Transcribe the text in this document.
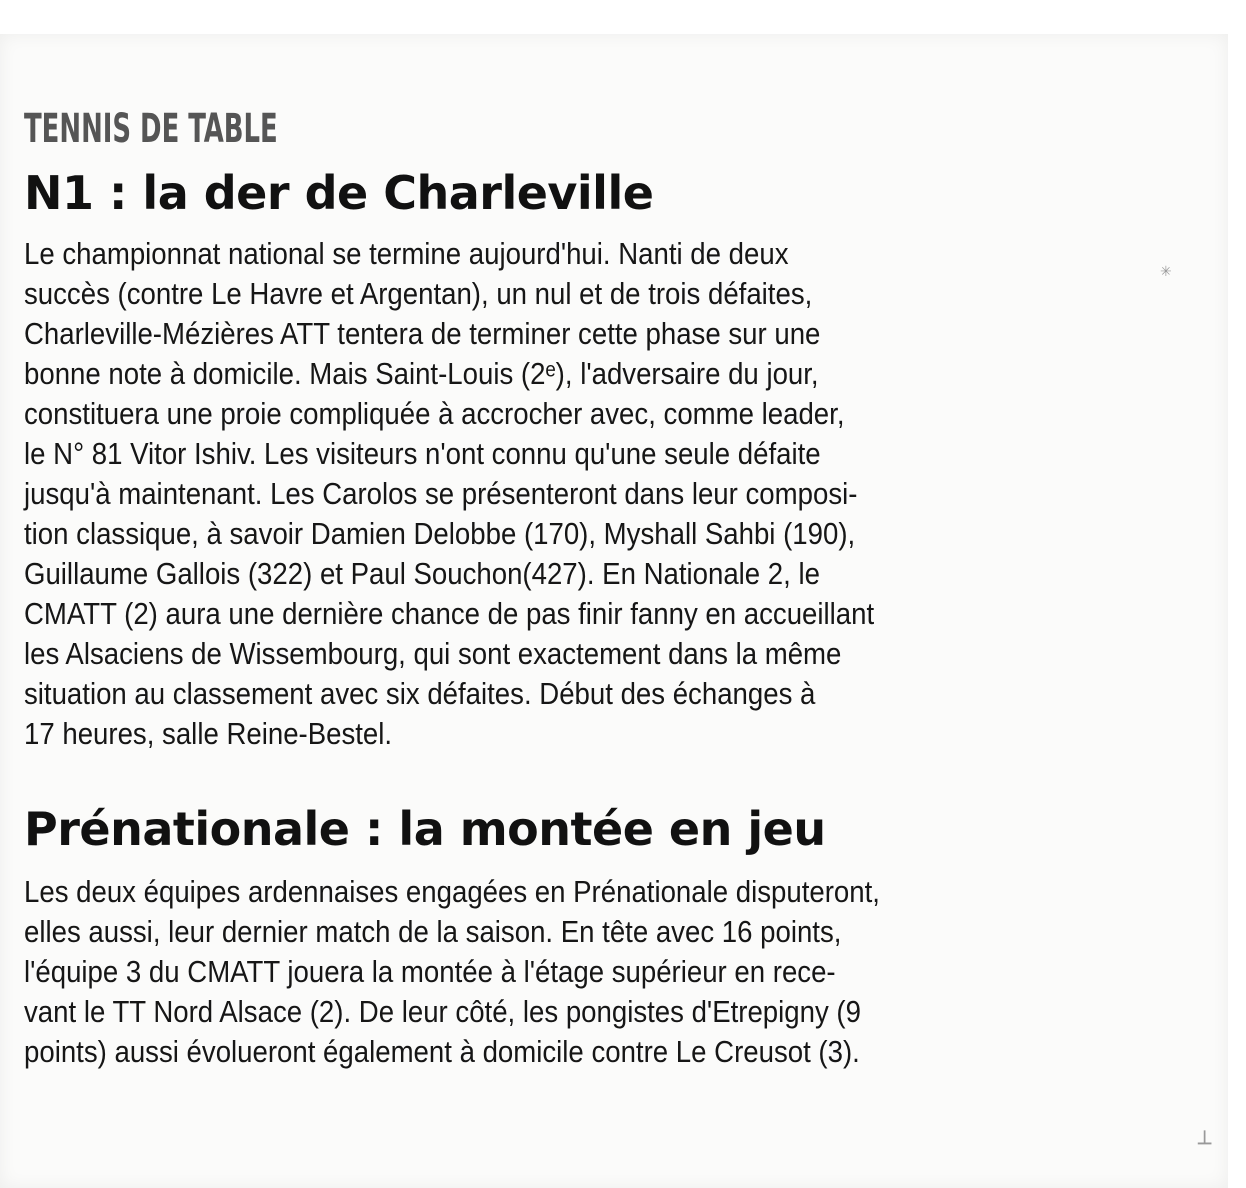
TENNIS DE TABLE
N1 : la der de Charleville
Le championnat national se termine aujourd'hui. Nanti de deux
succès (contre Le Havre et Argentan), un nul et de trois défaites,
Charleville-Mézières ATT tentera de terminer cette phase sur une
bonne note à domicile. Mais Saint-Louis (2ᵉ), l'adversaire du jour,
constituera une proie compliquée à accrocher avec, comme leader,
le N° 81 Vitor Ishiv. Les visiteurs n'ont connu qu'une seule défaite
jusqu'à maintenant. Les Carolos se présenteront dans leur composi-
tion classique, à savoir Damien Delobbe (170), Myshall Sahbi (190),
Guillaume Gallois (322) et Paul Souchon(427). En Nationale 2, le
CMATT (2) aura une dernière chance de pas finir fanny en accueillant
les Alsaciens de Wissembourg, qui sont exactement dans la même
situation au classement avec six défaites. Début des échanges à
17 heures, salle Reine-Bestel.
Prénationale : la montée en jeu
Les deux équipes ardennaises engagées en Prénationale disputeront,
elles aussi, leur dernier match de la saison. En tête avec 16 points,
l'équipe 3 du CMATT jouera la montée à l'étage supérieur en rece-
vant le TT Nord Alsace (2). De leur côté, les pongistes d'Etrepigny (9
points) aussi évolueront également à domicile contre Le Creusot (3).
✳
┴
